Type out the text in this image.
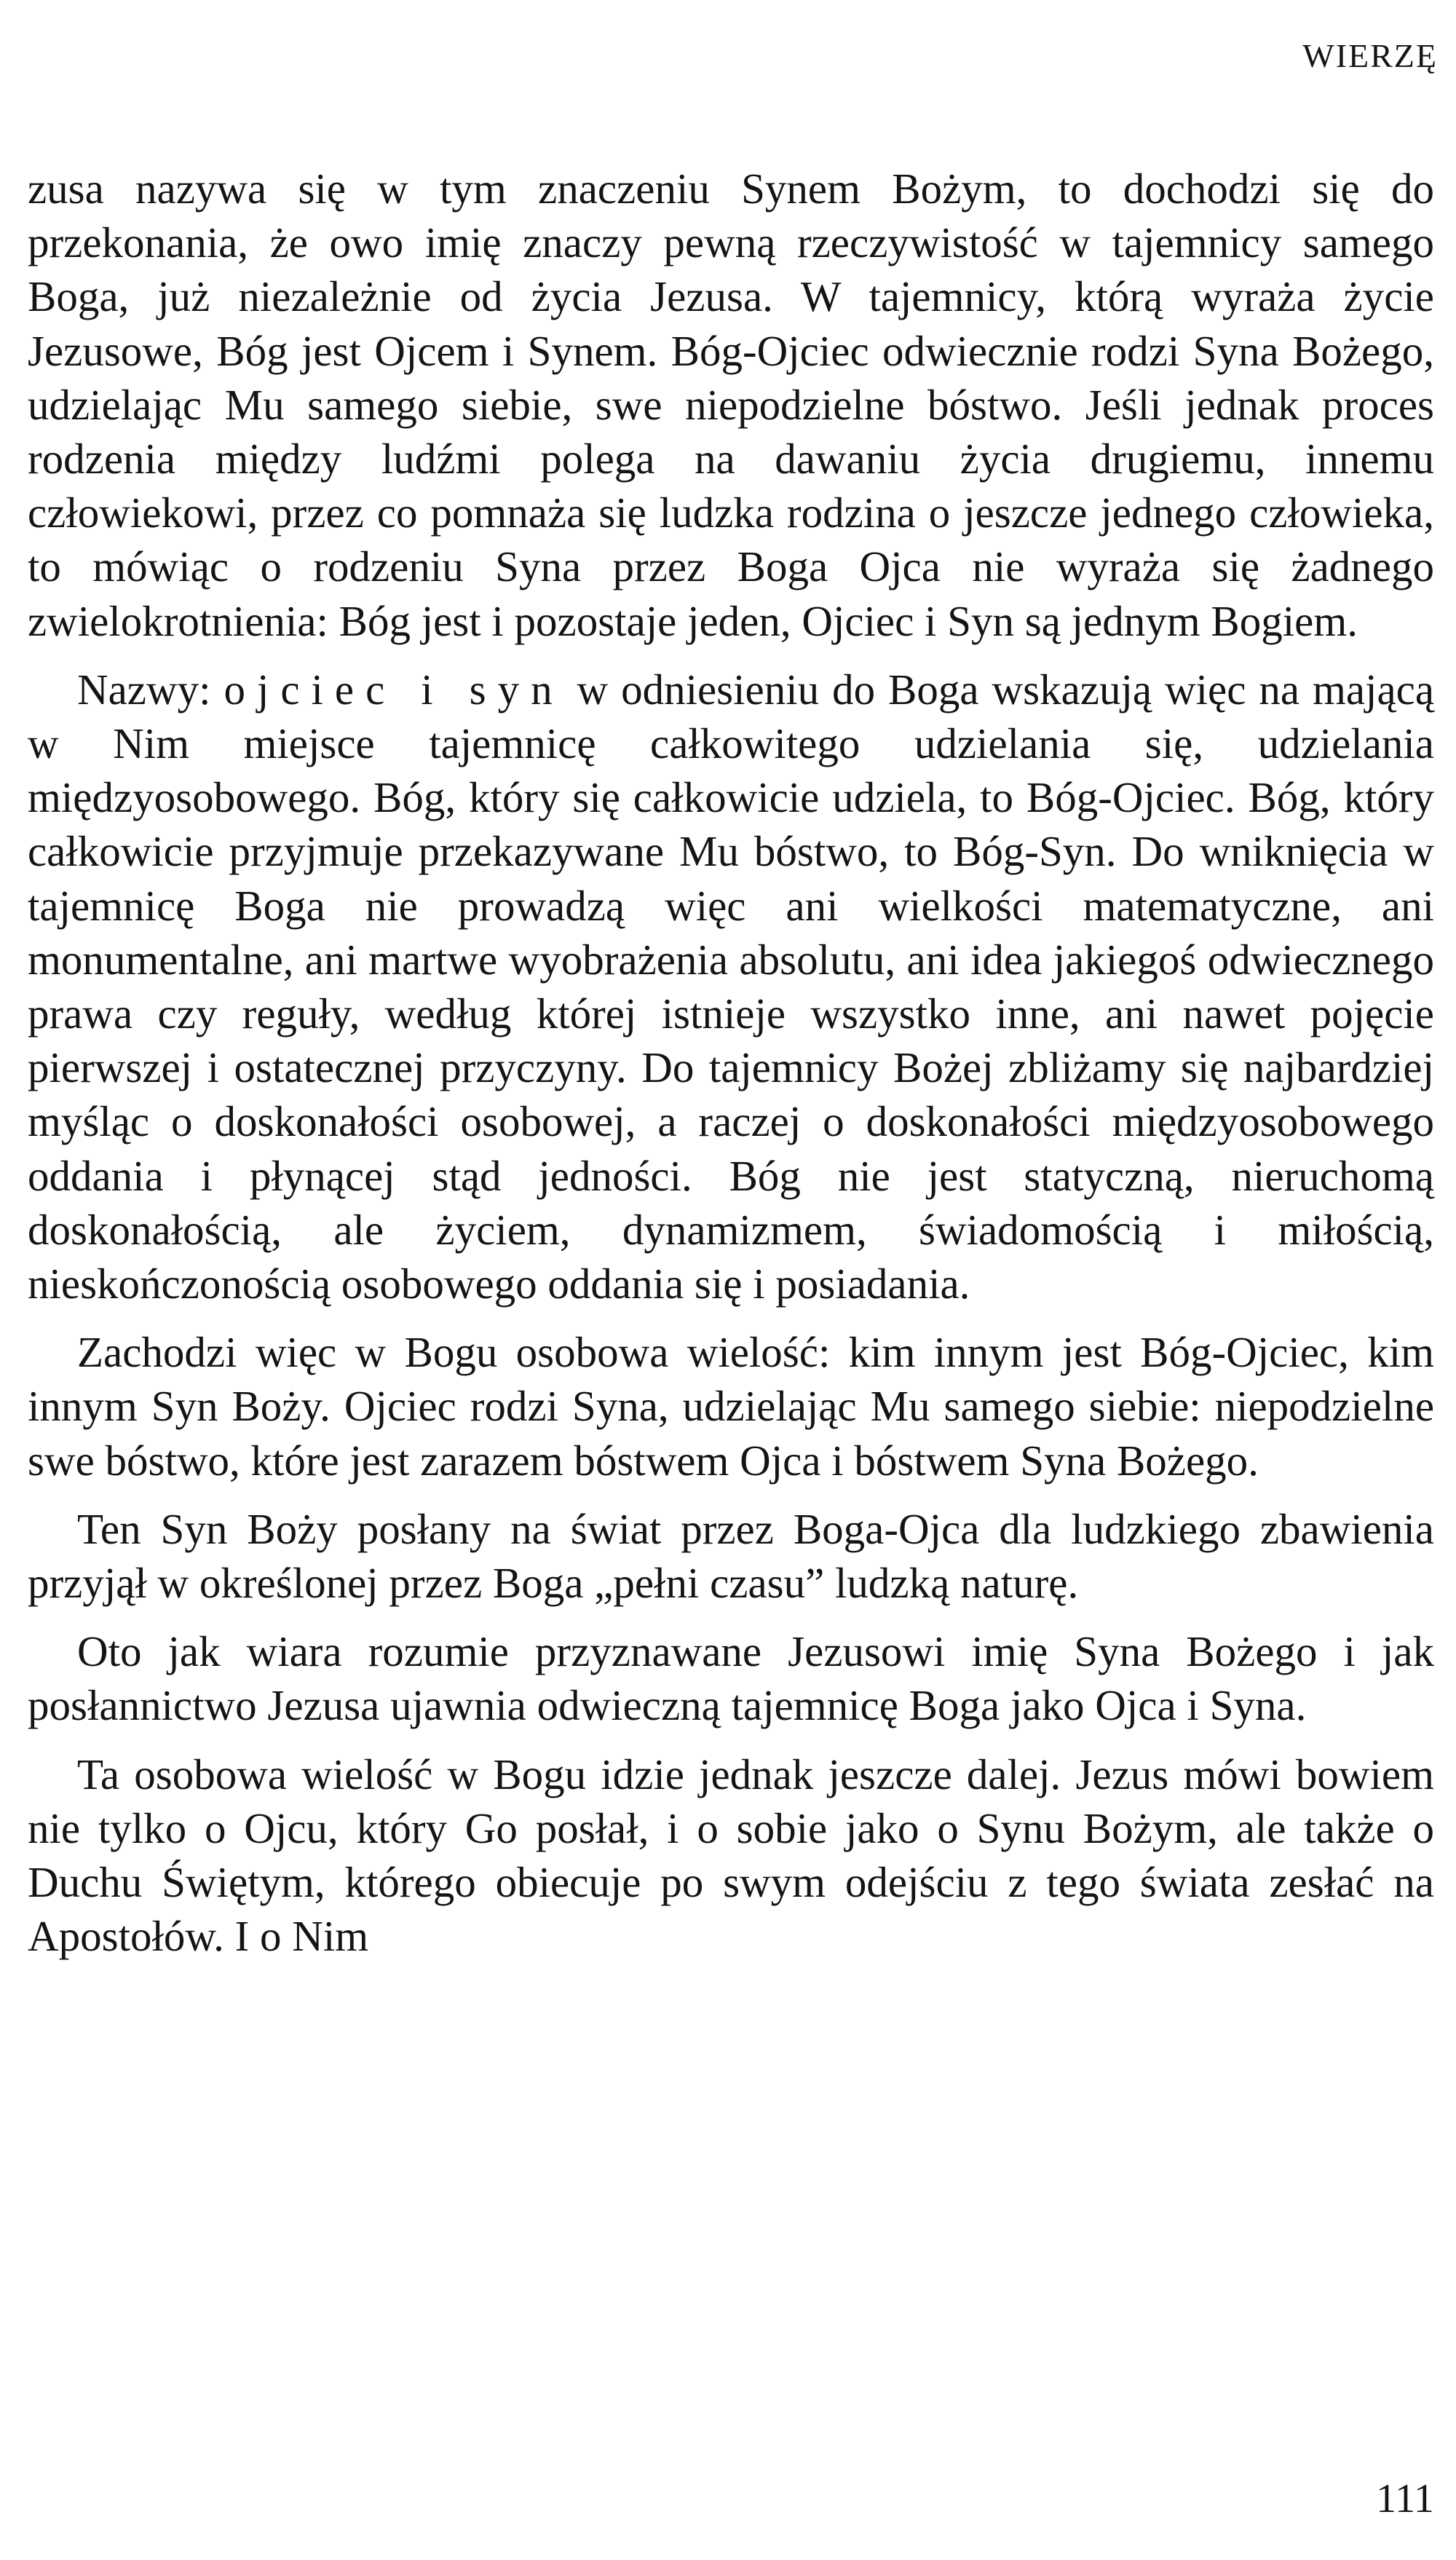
WIERZĘ

zusa nazywa się w tym znaczeniu Synem Bożym, to dochodzi się do przekonania, że owo imię znaczy pewną rzeczywistość w tajemnicy samego Boga, już niezależnie od życia Jezusa. W tajemnicy, którą wyraża życie Jezusowe, Bóg jest Ojcem i Synem. Bóg-Ojciec odwiecznie rodzi Syna Bożego, udzielając Mu samego siebie, swe niepodzielne bóstwo. Jeśli jednak proces rodzenia między ludźmi polega na dawaniu życia drugiemu, innemu człowiekowi, przez co pomnaża się ludzka rodzina o jeszcze jednego człowieka, to mówiąc o rodzeniu Syna przez Boga Ojca nie wyraża się żadnego zwielokrotnienia: Bóg jest i pozostaje jeden, Ojciec i Syn są jednym Bogiem.

Nazwy: ojciec i syn w odniesieniu do Boga wskazują więc na mającą w Nim miejsce tajemnicę całkowitego udzielania się, udzielania międzyosobowego. Bóg, który się całkowicie udziela, to Bóg-Ojciec. Bóg, który całkowicie przyjmuje przekazywane Mu bóstwo, to Bóg-Syn. Do wniknięcia w tajemnicę Boga nie prowadzą więc ani wielkości matematyczne, ani monumentalne, ani martwe wyobrażenia absolutu, ani idea jakiegoś odwiecznego prawa czy reguły, według której istnieje wszystko inne, ani nawet pojęcie pierwszej i ostatecznej przyczyny. Do tajemnicy Bożej zbliżamy się najbardziej myśląc o doskonałości osobowej, a raczej o doskonałości międzyosobowego oddania i płynącej stąd jedności. Bóg nie jest statyczną, nieruchomą doskonałością, ale życiem, dynamizmem, świadomością i miłością, nieskończonością osobowego oddania się i posiadania.

Zachodzi więc w Bogu osobowa wielość: kim innym jest Bóg-Ojciec, kim innym Syn Boży. Ojciec rodzi Syna, udzielając Mu samego siebie: niepodzielne swe bóstwo, które jest zarazem bóstwem Ojca i bóstwem Syna Bożego.

Ten Syn Boży posłany na świat przez Boga-Ojca dla ludzkiego zbawienia przyjął w określonej przez Boga „pełni czasu” ludzką naturę.

Oto jak wiara rozumie przyznawane Jezusowi imię Syna Bożego i jak posłannictwo Jezusa ujawnia odwieczną tajemnicę Boga jako Ojca i Syna.

Ta osobowa wielość w Bogu idzie jednak jeszcze dalej. Jezus mówi bowiem nie tylko o Ojcu, który Go posłał, i o sobie jako o Synu Bożym, ale także o Duchu Świętym, którego obiecuje po swym odejściu z tego świata zesłać na Apostołów. I o Nim

111
